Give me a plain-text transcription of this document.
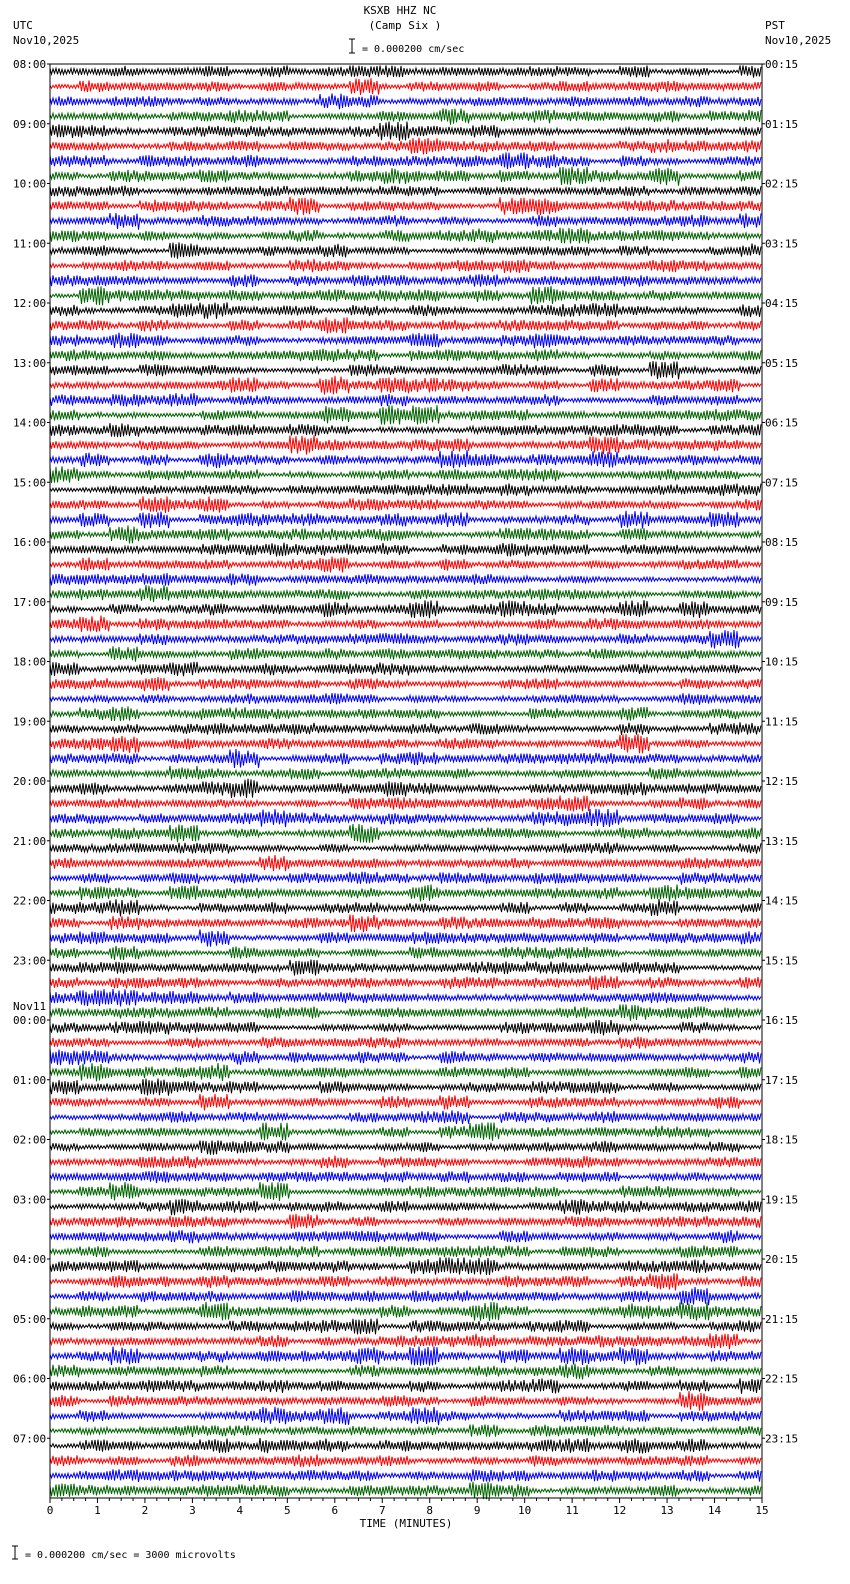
KSXB HHZ NC
(Camp Six )
UTC
Nov10,2025
PST
Nov10,2025
= 0.000200 cm/sec
= 0.000200 cm/sec = 3000 microvolts
0	1	2	3	4	5	6	7	8	9	10	11	12	13	14	15
TIME (MINUTES)
08:00
09:00
10:00
11:00
12:00
13:00
14:00
15:00
16:00
17:00
18:00
19:00
20:00
21:00
22:00
23:00
00:00
01:00
02:00
03:00
04:00
05:00
06:00
07:00
Nov11
00:15
01:15
02:15
03:15
04:15
05:15
06:15
07:15
08:15
09:15
10:15
11:15
12:15
13:15
14:15
15:15
16:15
17:15
18:15
19:15
20:15
21:15
22:15
23:15
